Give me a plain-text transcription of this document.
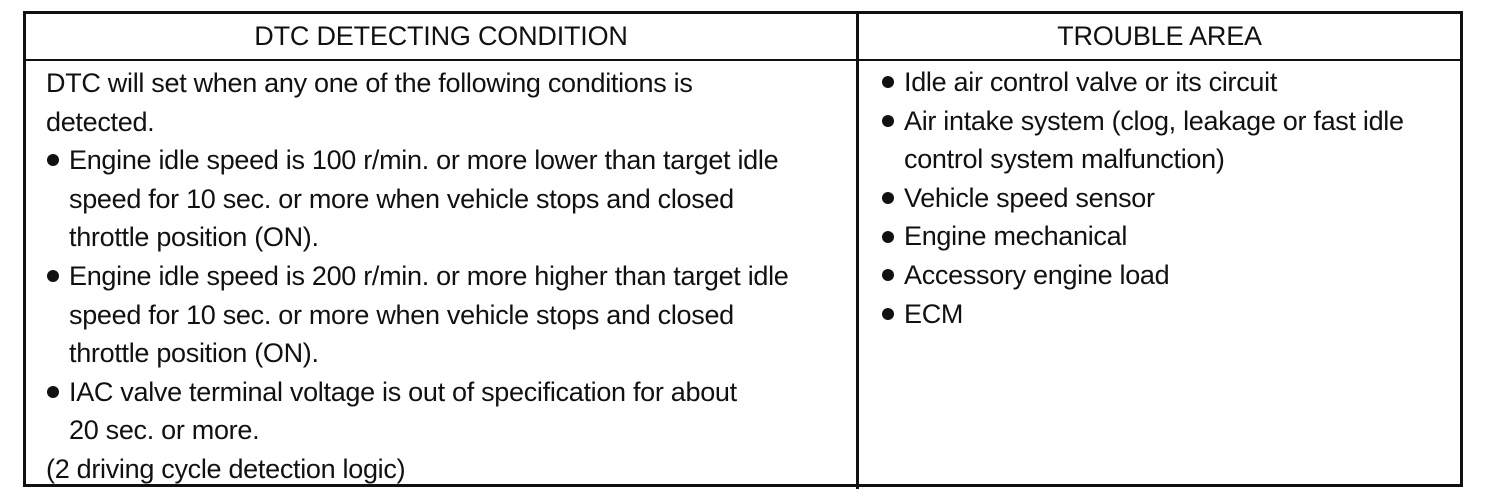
DTC DETECTING CONDITION	TROUBLE AREA
DTC will set when any one of the following conditions is
detected.
Engine idle speed is 100 r/min. or more lower than target idle
speed for 10 sec. or more when vehicle stops and closed
throttle position (ON).
Engine idle speed is 200 r/min. or more higher than target idle
speed for 10 sec. or more when vehicle stops and closed
throttle position (ON).
IAC valve terminal voltage is out of specification for about
20 sec. or more.
(2 driving cycle detection logic)
Idle air control valve or its circuit
Air intake system (clog, leakage or fast idle
control system malfunction)
Vehicle speed sensor
Engine mechanical
Accessory engine load
ECM
